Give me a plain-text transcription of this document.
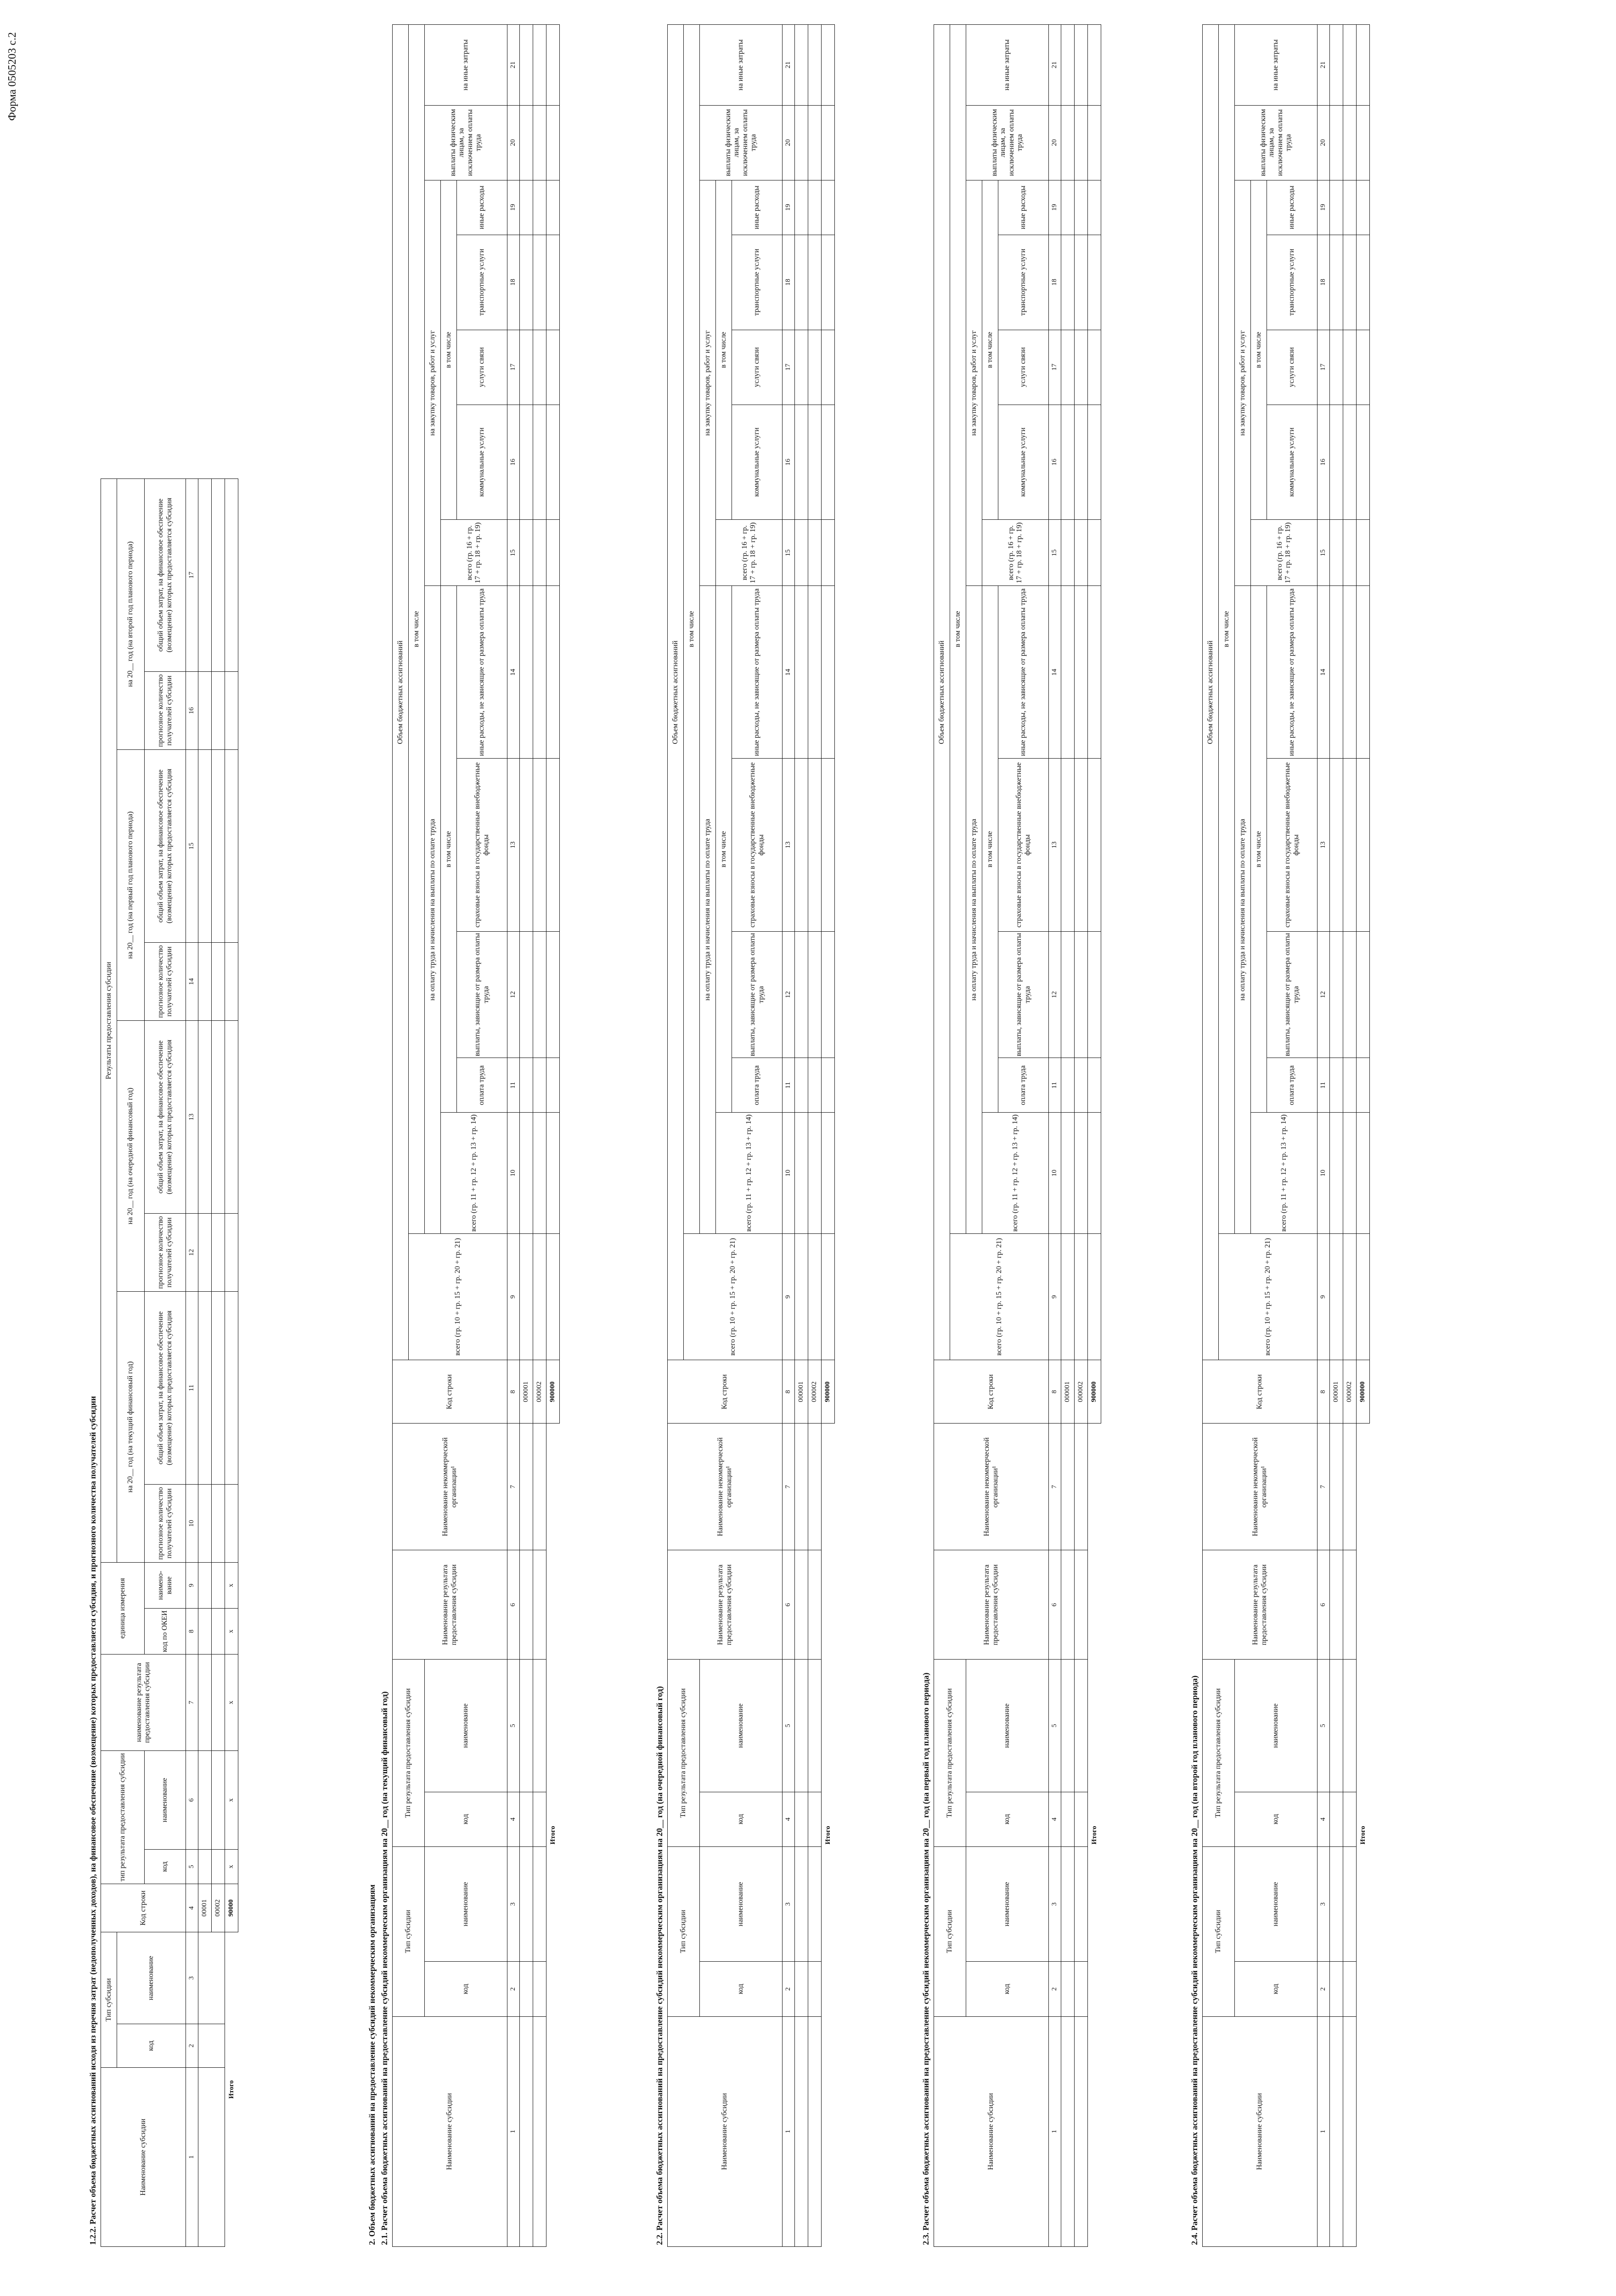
Форма 0505203 с.2
1.2.2. Расчет объема бюджетных ассигнований исходя из перечня затрат (недополученных доходов), на финансовое обеспечение (возмещение) которых предоставляется субсидия, и прогнозного количества получателей субсидии	Наименование субсидии	Тип субсидии		Код строки	тип результата предоставления субсидии		наименование результата предоставления субсидии	единица измерения		Результаты предоставления субсидии											
	код	наименование							на 20__ год (на текущий финансовый год)		на 20__ год (на очередной финансовый год)		на 20__ год (на первый год планового периода)		на 20__ год (на второй год планового периода)					
				код	наименование		код по ОКЕИ	наимено-вание	прогнозное количество получателей субсидии	общий объем затрат, на финансовое обеспечение (возмещение) которых предоставляется субсидия	прогнозное количество получателей субсидии	общий объем затрат, на финансовое обеспечение (возмещение) которых предоставляется субсидия	прогнозное количество получателей субсидии	общий объем затрат, на финансовое обеспечение (возмещение) которых предоставляется субсидия	прогнозное количество получателей субсидии	общий объем затрат, на финансовое обеспечение (возмещение) которых предоставляется субсидия				
1	2	3	4	5	6	7	8	9	10	11	12	13	14	15	16	17				
			00001																	
			00002																	
Итого			90000	x	x	x	x	x												
2. Объем бюджетных ассигнований на предоставление субсидий некоммерческим организациям 2.1. Расчет объема бюджетных ассигнований на предоставление субсидий некоммерческим организациям на 20__ год (на текущий финансовый год)	Наименование субсидии	Тип субсидии		Тип результата предоставления субсидии		Наименование результата предоставления субсидии	Наименование некоммерческой организации¹	Код строки	Объем бюджетных ассигнований												
								всего (гр. 10 + гр. 15 + гр. 20 + гр. 21)	в том числе											
	код	наименование	код	наименование					на оплату труда и начисления на выплаты по оплате труда					на закупку товаров, работ и услуг					выплаты физическим лицам, за исключением оплаты труда	на иные затраты
									всего (гр. 11 + гр. 12 + гр. 13 + гр. 14)	в том числе				всего (гр. 16 + гр. 17 + гр. 18 + гр. 19)	в том числе					
										оплата труда	выплаты, зависящие от размера оплаты труда	страховые взносы в государственные внебюджетные фонды	иные расходы, не зависящие от размера оплаты труда		коммунальные услуги	услуги связи	транспортные услуги	иные расходы		
1	2	3	4	5	6	7	8	9	10	11	12	13	14	15	16	17	18	19	20	21
							000001													
							000002													
Итого							900000													
2.2. Расчет объема бюджетных ассигнований на предоставление субсидий некоммерческим организациям на 20__ год (на очередной финансовый год)	Наименование субсидии	Тип субсидии		Тип результата предоставления субсидии		Наименование результата предоставления субсидии	Наименование некоммерческой организации¹	Код строки	Объем бюджетных ассигнований												
								всего (гр. 10 + гр. 15 + гр. 20 + гр. 21)	в том числе											
	код	наименование	код	наименование					на оплату труда и начисления на выплаты по оплате труда					на закупку товаров, работ и услуг					выплаты физическим лицам, за исключением оплаты труда	на иные затраты
									всего (гр. 11 + гр. 12 + гр. 13 + гр. 14)	в том числе				всего (гр. 16 + гр. 17 + гр. 18 + гр. 19)	в том числе					
										оплата труда	выплаты, зависящие от размера оплаты труда	страховые взносы в государственные внебюджетные фонды	иные расходы, не зависящие от размера оплаты труда		коммунальные услуги	услуги связи	транспортные услуги	иные расходы		
1	2	3	4	5	6	7	8	9	10	11	12	13	14	15	16	17	18	19	20	21
							000001													
							000002													
Итого							900000													
2.3. Расчет объема бюджетных ассигнований на предоставление субсидий некоммерческим организациям на 20__ год (на первый год планового периода)	Наименование субсидии	Тип субсидии		Тип результата предоставления субсидии		Наименование результата предоставления субсидии	Наименование некоммерческой организации¹	Код строки	Объем бюджетных ассигнований												
								всего (гр. 10 + гр. 15 + гр. 20 + гр. 21)	в том числе											
	код	наименование	код	наименование					на оплату труда и начисления на выплаты по оплате труда					на закупку товаров, работ и услуг					выплаты физическим лицам, за исключением оплаты труда	на иные затраты
									всего (гр. 11 + гр. 12 + гр. 13 + гр. 14)	в том числе				всего (гр. 16 + гр. 17 + гр. 18 + гр. 19)	в том числе					
										оплата труда	выплаты, зависящие от размера оплаты труда	страховые взносы в государственные внебюджетные фонды	иные расходы, не зависящие от размера оплаты труда		коммунальные услуги	услуги связи	транспортные услуги	иные расходы		
1	2	3	4	5	6	7	8	9	10	11	12	13	14	15	16	17	18	19	20	21
							000001													
							000002													
Итого							900000													
2.4. Расчет объема бюджетных ассигнований на предоставление субсидий некоммерческим организациям на 20__ год (на второй год планового периода)	Наименование субсидии	Тип субсидии		Тип результата предоставления субсидии		Наименование результата предоставления субсидии	Наименование некоммерческой организации¹	Код строки	Объем бюджетных ассигнований												
								всего (гр. 10 + гр. 15 + гр. 20 + гр. 21)	в том числе											
	код	наименование	код	наименование					на оплату труда и начисления на выплаты по оплате труда					на закупку товаров, работ и услуг					выплаты физическим лицам, за исключением оплаты труда	на иные затраты
									всего (гр. 11 + гр. 12 + гр. 13 + гр. 14)	в том числе				всего (гр. 16 + гр. 17 + гр. 18 + гр. 19)	в том числе					
										оплата труда	выплаты, зависящие от размера оплаты труда	страховые взносы в государственные внебюджетные фонды	иные расходы, не зависящие от размера оплаты труда		коммунальные услуги	услуги связи	транспортные услуги	иные расходы		
1	2	3	4	5	6	7	8	9	10	11	12	13	14	15	16	17	18	19	20	21
							000001													
							000002													
Итого							900000													
